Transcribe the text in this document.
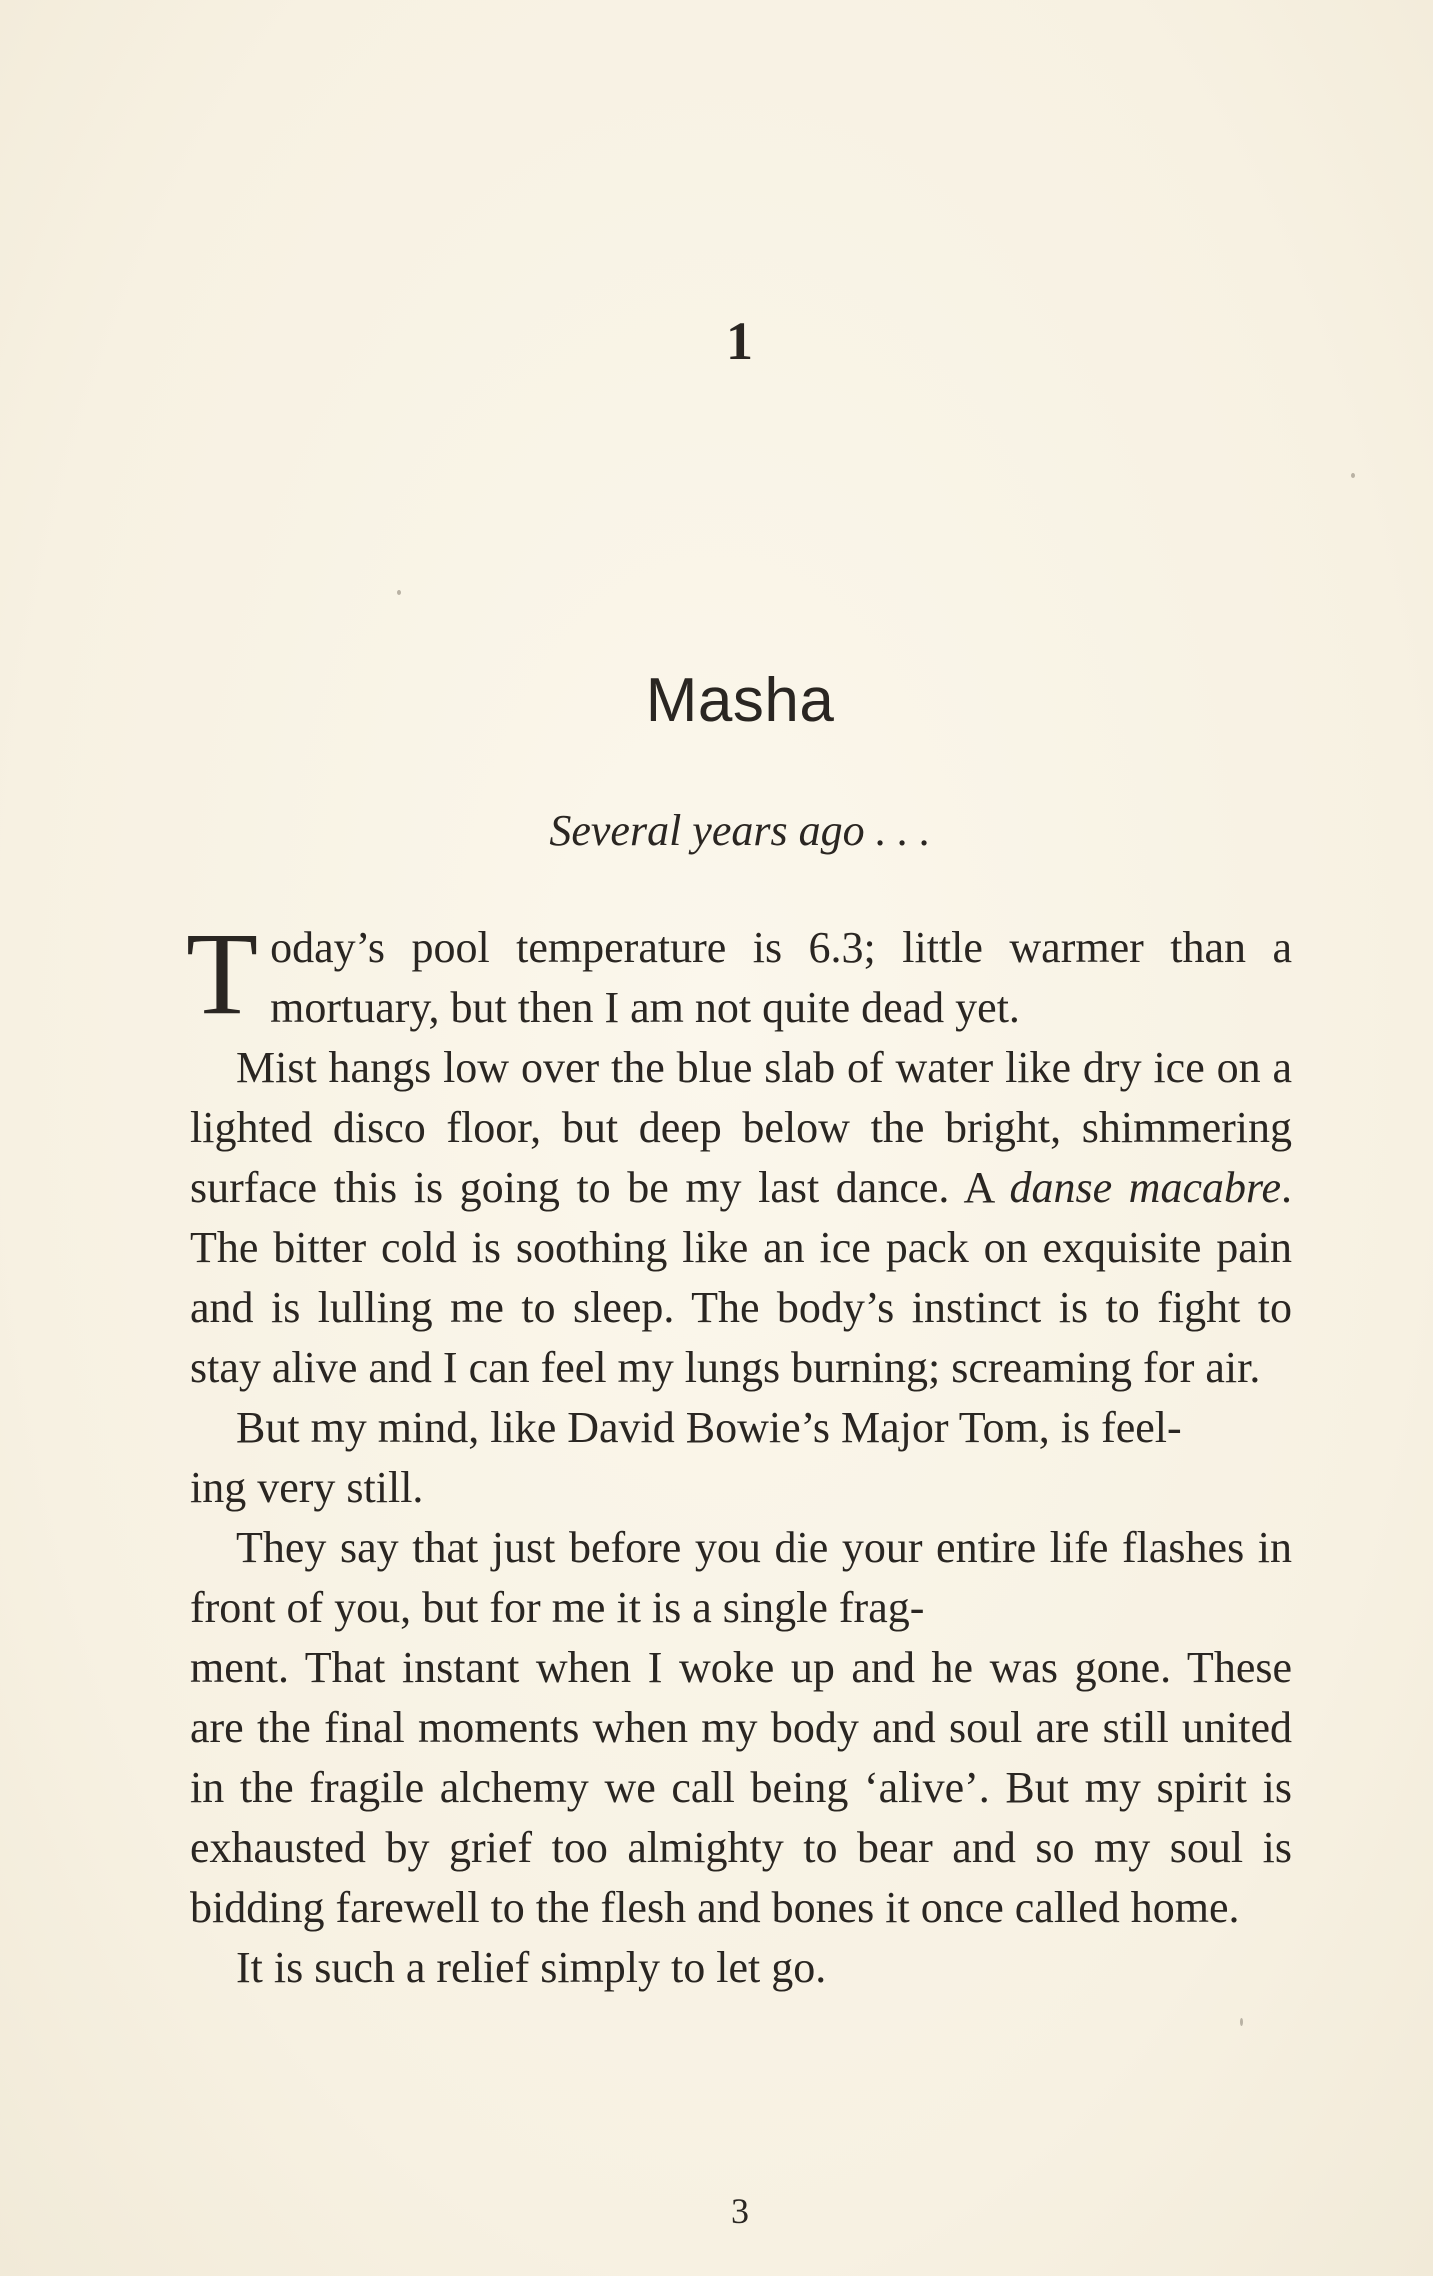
1
Masha
Several years ago . . .

Today’s pool temperature is 6.3; little warmer than a mortuary, but then I am not quite dead yet.

Mist hangs low over the blue slab of water like dry ice on a lighted disco floor, but deep below the bright, shimmering surface this is going to be my last dance. A danse macabre. The bitter cold is soothing like an ice pack on exquisite pain and is lulling me to sleep. The body’s instinct is to fight to stay alive and I can feel my lungs burning; screaming for air.

But my mind, like David Bowie’s Major Tom, is feel-
ing very still.

They say that just before you die your entire life flashes in front of you, but for me it is a single frag-
ment. That instant when I woke up and he was gone. These are the final moments when my body and soul are still united in the fragile alchemy we call being ‘alive’. But my spirit is exhausted by grief too almighty to bear and so my soul is bidding farewell to the flesh and bones it once called home.

It is such a relief simply to let go.

3
